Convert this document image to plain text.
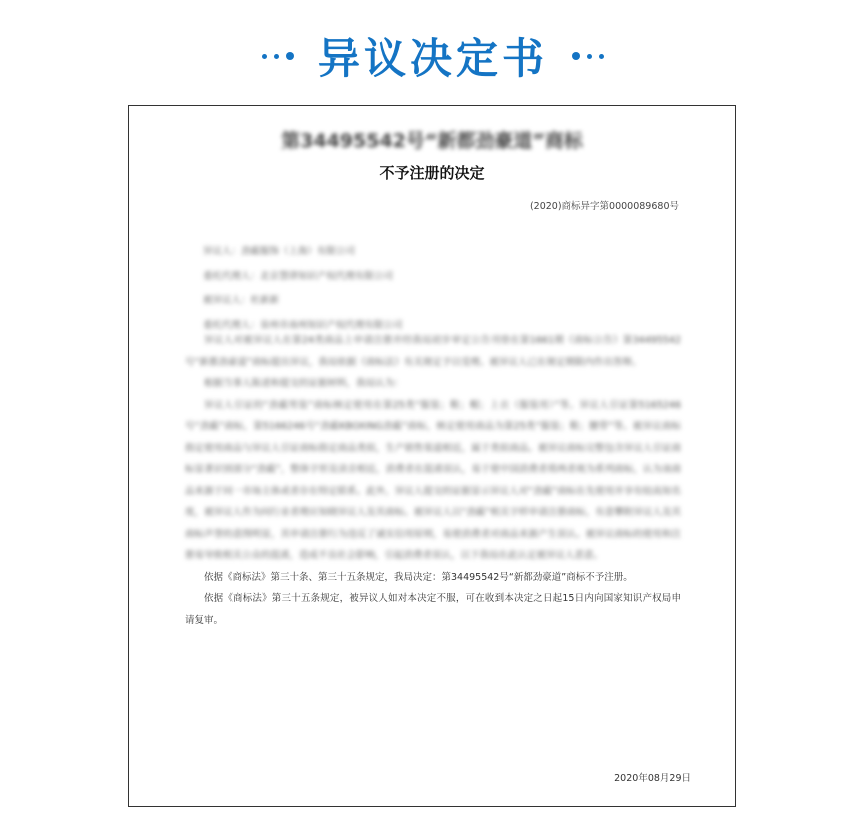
异议决定书
第34495542号“新都劲豪道”商标
不予注册的决定
(2020)商标异字第0000089680号
异议人：劲霸服饰（上海）有限公司
委托代理人：北京慧律知识产权代理有限公司
被异议人：杜新新
委托代理人：泉州市南州知识产权代理有限公司

异议人对被异议人在第24类商品上申请注册并经我局初步审定公告刊登在第1661期《商标公告》第34495542号“新都劲豪道”商标提出异议，我局依据《商标法》有关规定予以受理。被异议人已在规定期限内作出答辩。

根据当事人陈述和提交的证据材料，我局认为：

异议人引证的“劲霸男装”商标核定使用在第25类“服装；鞋；帽；上衣（服装用）”等。异议人引证第5165246号“劲霸”商标，第5166246号“劲霸KBOXING劲霸”商标，核定使用商品为第25类“服装；鞋；腰带”等。被异议商标指定使用商品与异议人引证商标指定商品类似，生产销售渠道相近，属于类似商品。被异议商标完整包含异议人引证商标显著识别部分“劲霸”，整体字形及读音相近，消费者在混淆误认，易于使中国消费者将两者视为系列商标，认为该商品来源于同一市场主体或者存在特定联系。此外，异议人提交的证据显示异议人对“劲霸”商标在先使用并享有较高知名度，被异议人作为同行业者理应知晓异议人及其商标。被异议人以“劲霸”相关字样申请注册商标，有意攀附异议人及其商标声誉的意图明显，其申请注册行为违反了诚实信用原则，易使消费者对商品来源产生误认。被异议商标的使用和注册易导致相关公众的混淆，造成不良社会影响，引起消费者误认，以下我局在此认定被异议人恶意。

依据《商标法》第三十条、第三十五条规定，我局决定：第34495542号“新都劲豪道”商标不予注册。

依据《商标法》第三十五条规定，被异议人如对本决定不服，可在收到本决定之日起15日内向国家知识产权局申请复审。

2020年08月29日
